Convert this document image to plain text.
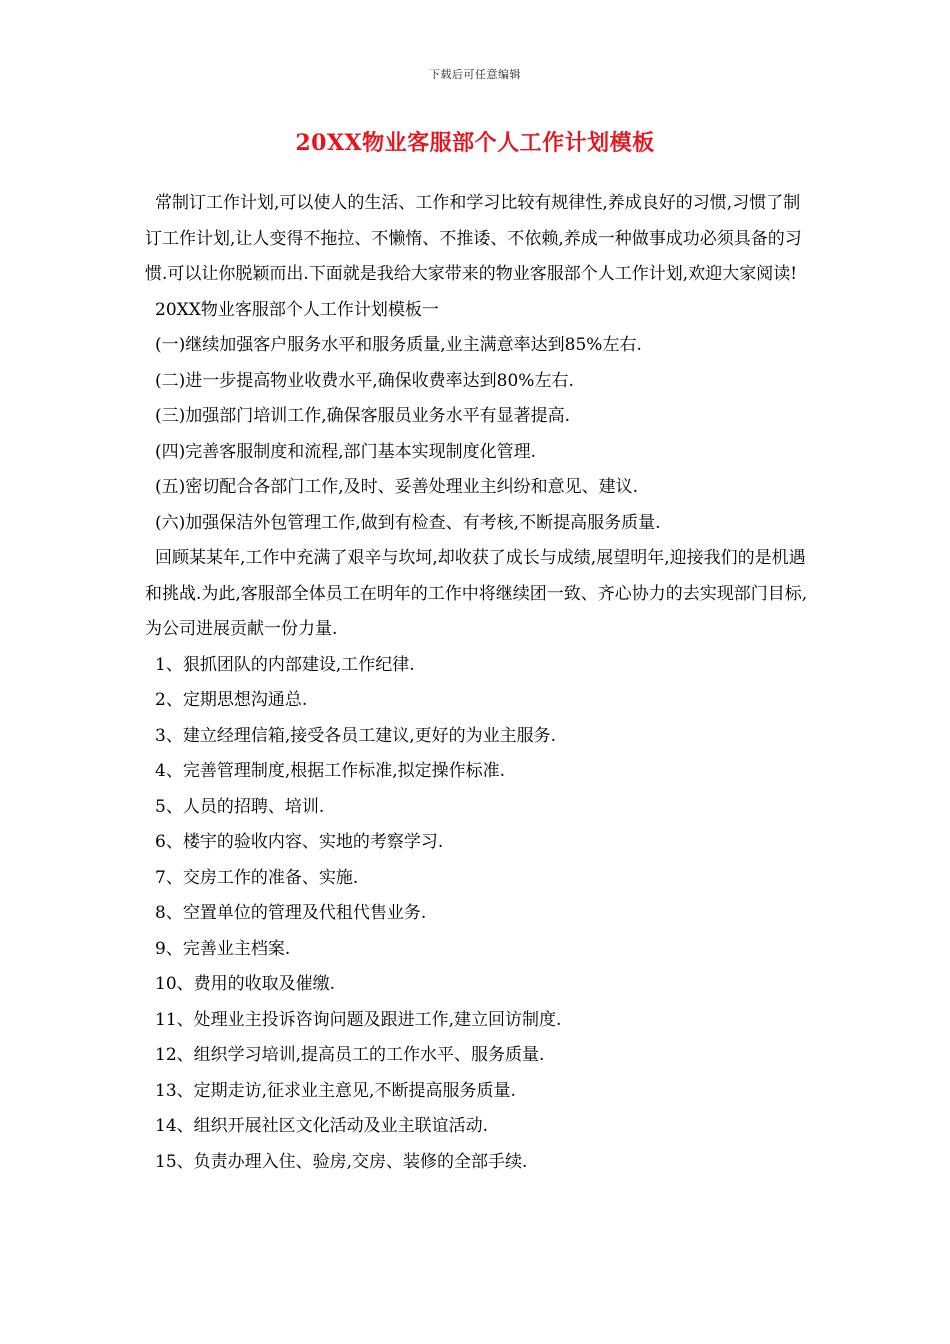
下载后可任意编辑
20XX物业客服部个人工作计划模板

常制订工作计划,可以使人的生活、工作和学习比较有规律性,养成良好的习惯,习惯了制订工作计划,让人变得不拖拉、不懒惰、不推诿、不依赖,养成一种做事成功必须具备的习惯.可以让你脱颖而出.下面就是我给大家带来的物业客服部个人工作计划,欢迎大家阅读!

20XX物业客服部个人工作计划模板一
(一)继续加强客户服务水平和服务质量,业主满意率达到85%左右.
(二)进一步提高物业收费水平,确保收费率达到80%左右.
(三)加强部门培训工作,确保客服员业务水平有显著提高.
(四)完善客服制度和流程,部门基本实现制度化管理.
(五)密切配合各部门工作,及时、妥善处理业主纠纷和意见、建议.
(六)加强保洁外包管理工作,做到有检查、有考核,不断提高服务质量.

回顾某某年,工作中充满了艰辛与坎坷,却收获了成长与成绩,展望明年,迎接我们的是机遇和挑战.为此,客服部全体员工在明年的工作中将继续团一致、齐心协力的去实现部门目标,为公司进展贡献一份力量.

1、狠抓团队的内部建设,工作纪律.
2、定期思想沟通总.
3、建立经理信箱,接受各员工建议,更好的为业主服务.
4、完善管理制度,根据工作标准,拟定操作标准.
5、人员的招聘、培训.
6、楼宇的验收内容、实地的考察学习.
7、交房工作的准备、实施.
8、空置单位的管理及代租代售业务.
9、完善业主档案.
10、费用的收取及催缴.
11、处理业主投诉咨询问题及跟进工作,建立回访制度.
12、组织学习培训,提高员工的工作水平、服务质量.
13、定期走访,征求业主意见,不断提高服务质量.
14、组织开展社区文化活动及业主联谊活动.
15、负责办理入住、验房,交房、装修的全部手续.
